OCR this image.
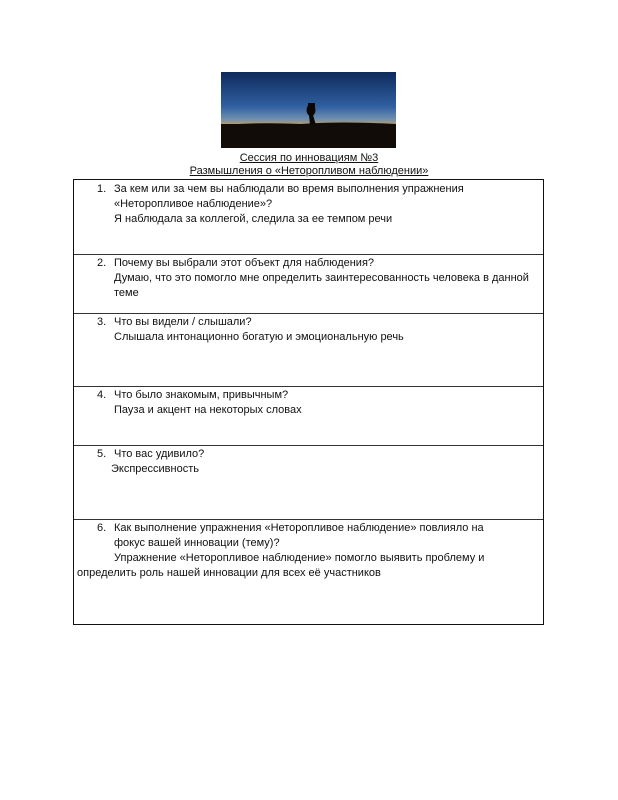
Сессия по инновациям №3
Размышления о «Неторопливом наблюдении»
1. За кем или за чем вы наблюдали во время выполнения упражнения «Неторопливое наблюдение»?
Я наблюдала за коллегой, следила за ее темпом речи
2. Почему вы выбрали этот объект для наблюдения?
Думаю, что это помогло мне определить заинтересованность человека в данной теме
3. Что вы видели / слышали?
Слышала интонационно богатую и эмоциональную речь
4. Что было знакомым, привычным?
Пауза и акцент на некоторых словах
5. Что вас удивило?
Экспрессивность
6. Как выполнение упражнения «Неторопливое наблюдение» повлияло на фокус вашей инновации (тему)?
Упражнение «Неторопливое наблюдение» помогло выявить проблему и
определить роль нашей инновации для всех её участников
